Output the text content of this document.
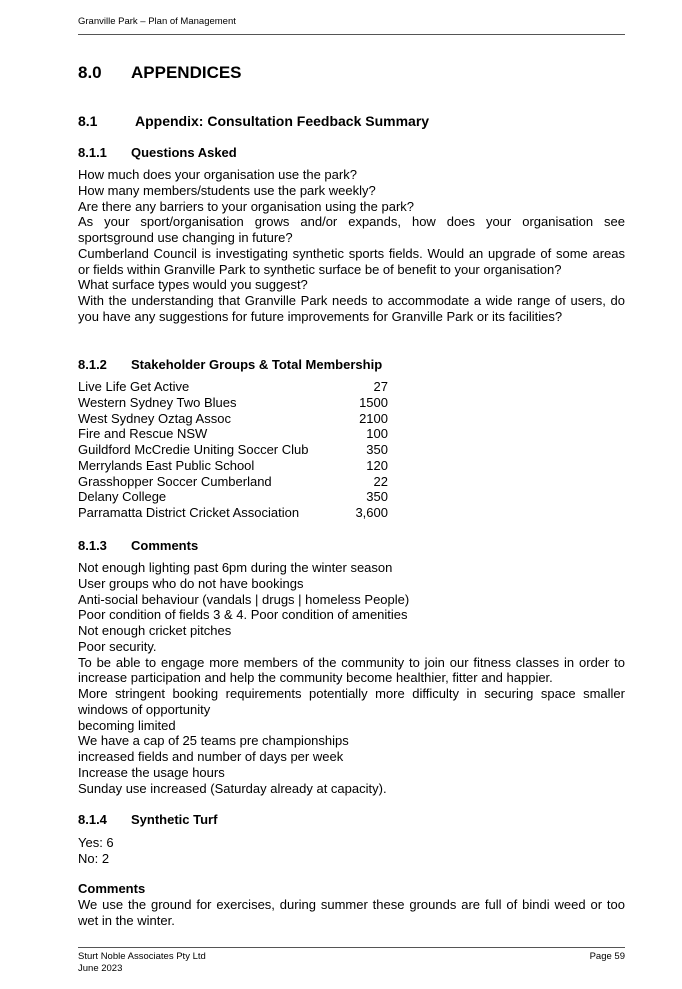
Granville Park – Plan of Management
8.0 APPENDICES
8.1	Appendix: Consultation Feedback Summary
8.1.1 Questions Asked

How much does your organisation use the park?

How many members/students use the park weekly?

Are there any barriers to your organisation using the park?

As your sport/organisation grows and/or expands, how does your organisation see sportsground use changing in future?

Cumberland Council is investigating synthetic sports fields. Would an upgrade of some areas or fields within Granville Park to synthetic surface be of benefit to your organisation?

What surface types would you suggest?

With the understanding that Granville Park needs to accommodate a wide range of users, do you have any suggestions for future improvements for Granville Park or its facilities?

8.1.2 Stakeholder Groups & Total Membership
Live Life Get Active	27
Western Sydney Two Blues	1500
West Sydney Oztag Assoc	2100
Fire and Rescue NSW	100
Guildford McCredie Uniting Soccer Club	350
Merrylands East Public School	120
Grasshopper Soccer Cumberland	22
Delany College	350
Parramatta District Cricket Association	3,600
8.1.3 Comments

Not enough lighting past 6pm during the winter season

User groups who do not have bookings

Anti-social behaviour (vandals | drugs | homeless People)

Poor condition of fields 3 & 4. Poor condition of amenities

Not enough cricket pitches

Poor security.

To be able to engage more members of the community to join our fitness classes in order to increase participation and help the community become healthier, fitter and happier.

More stringent booking requirements potentially more difficulty in securing space smaller windows of opportunity

becoming limited

We have a cap of 25 teams pre championships

increased fields and number of days per week

Increase the usage hours

Sunday use increased (Saturday already at capacity).

8.1.4 Synthetic Turf

Yes: 6

No: 2

Comments
We use the ground for exercises, during summer these grounds are full of bindi weed or too wet in the winter.
Sturt Noble Associates Pty Ltd
June 2023
Page 59
